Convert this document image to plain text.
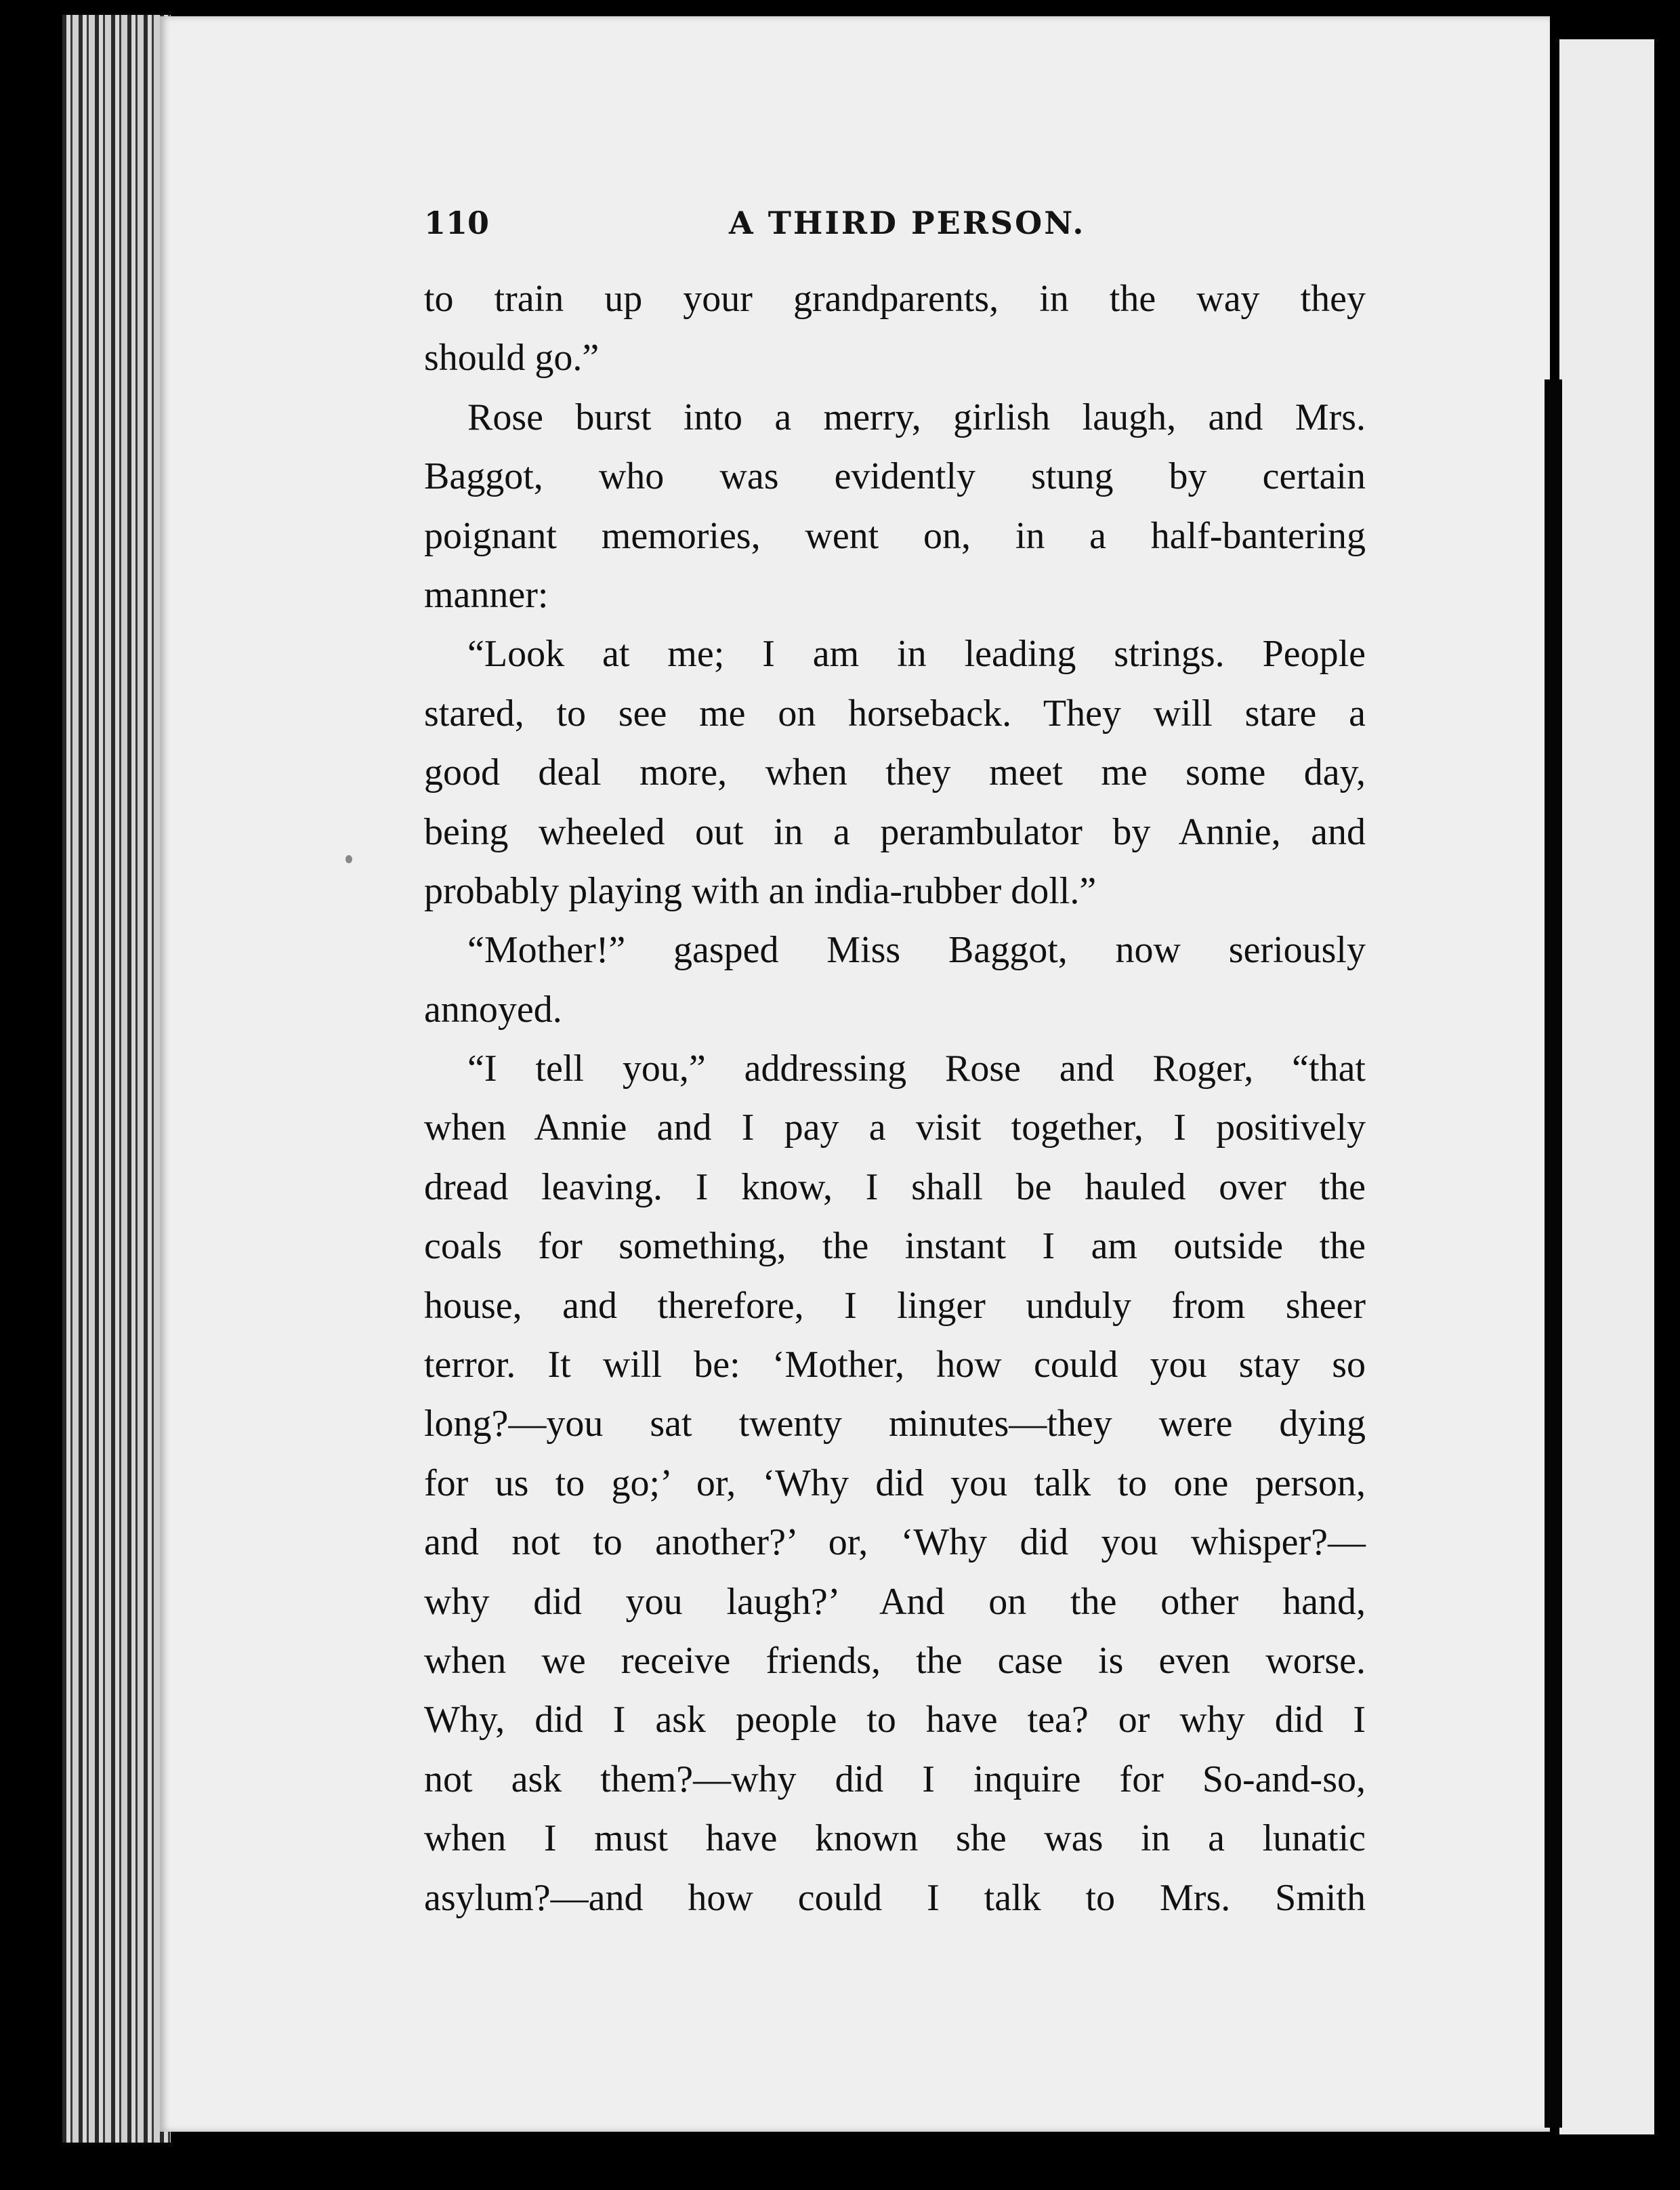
110	A THIRD PERSON.
to train up your grandparents, in the way they
should go.”
Rose burst into a merry, girlish laugh, and Mrs.
Baggot, who was evidently stung by certain
poignant memories, went on, in a half-bantering
manner:
“Look at me; I am in leading strings. People
stared, to see me on horseback. They will stare a
good deal more, when they meet me some day,
being wheeled out in a perambulator by Annie, and
probably playing with an india-rubber doll.”
“Mother!” gasped Miss Baggot, now seriously
annoyed.
“I tell you,” addressing Rose and Roger, “that
when Annie and I pay a visit together, I positively
dread leaving. I know, I shall be hauled over the
coals for something, the instant I am outside the
house, and therefore, I linger unduly from sheer
terror. It will be: ‘Mother, how could you stay so
long?—you sat twenty minutes—they were dying
for us to go;’ or, ‘Why did you talk to one person,
and not to another?’ or, ‘Why did you whisper?—
why did you laugh?’ And on the other hand,
when we receive friends, the case is even worse.
Why, did I ask people to have tea? or why did I
not ask them?—why did I inquire for So-and-so,
when I must have known she was in a lunatic
asylum?—and how could I talk to Mrs. Smith
